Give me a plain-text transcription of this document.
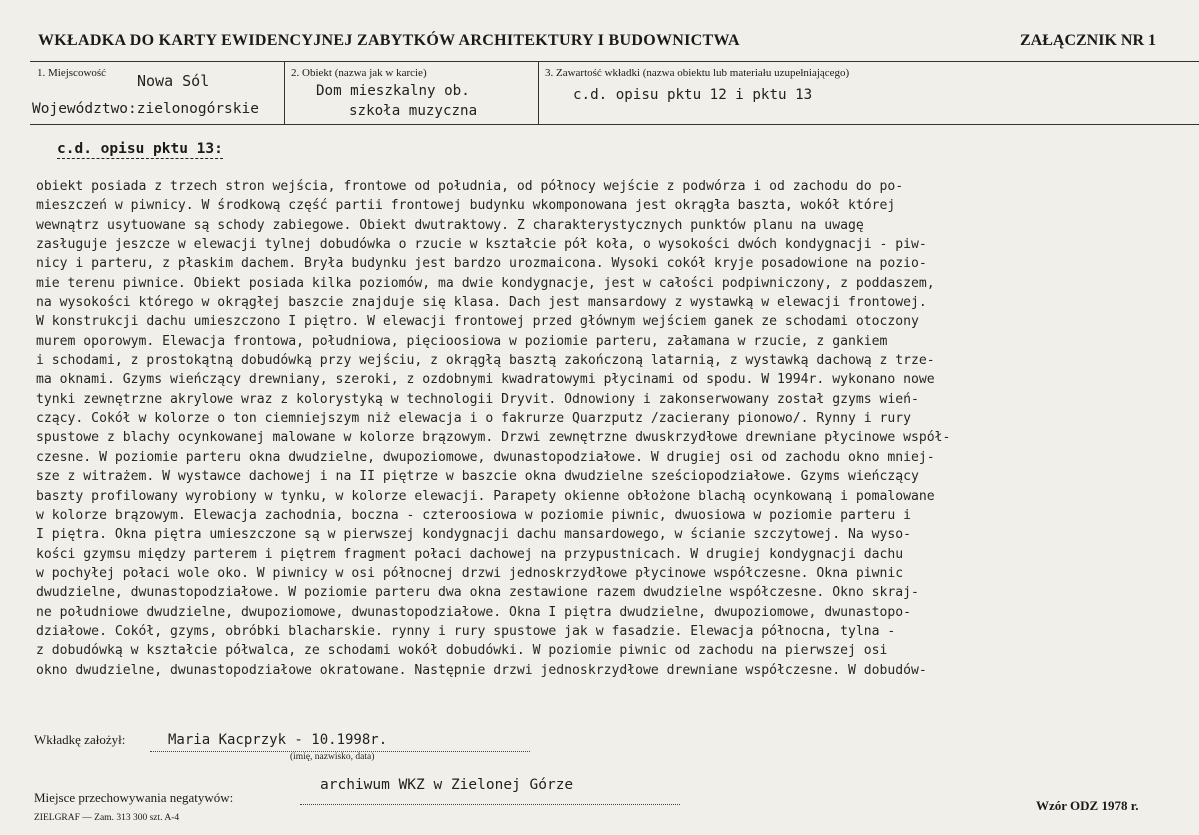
WKŁADKA DO KARTY EWIDENCYJNEJ ZABYTKÓW ARCHITEKTURY I BUDOWNICTWA	ZAŁĄCZNIK NR 1
1. Miejscowość Nowa Sól
Województwo:zielonogórskie
2. Obiekt (nazwa jak w karcie)
Dom mieszkalny ob.
szkoła muzyczna
3. Zawartość wkładki (nazwa obiektu lub materiału uzupełniającego)
c.d. opisu pktu 12 i pktu 13
c.d. opisu pktu 13:
obiekt posiada z trzech stron wejścia, frontowe od południa, od północy wejście z podwórza i od zachodu do po-
mieszczeń w piwnicy. W środkową część partii frontowej budynku wkomponowana jest okrągła baszta, wokół której
wewnątrz usytuowane są schody zabiegowe. Obiekt dwutraktowy. Z charakterystycznych punktów planu na uwagę
zasługuje jeszcze w elewacji tylnej dobudówka o rzucie w kształcie pół koła, o wysokości dwóch kondygnacji - piw-
nicy i parteru, z płaskim dachem. Bryła budynku jest bardzo urozmaicona. Wysoki cokół kryje posadowione na pozio-
mie terenu piwnice. Obiekt posiada kilka poziomów, ma dwie kondygnacje, jest w całości podpiwniczony, z poddaszem,
na wysokości którego w okrągłej baszcie znajduje się klasa. Dach jest mansardowy z wystawką w elewacji frontowej.
W konstrukcji dachu umieszczono I piętro. W elewacji frontowej przed głównym wejściem ganek ze schodami otoczony
murem oporowym. Elewacja frontowa, południowa, pięcioosiowa w poziomie parteru, załamana w rzucie, z gankiem
i schodami, z prostokątną dobudówką przy wejściu, z okrągłą basztą zakończoną latarnią, z wystawką dachową z trze-
ma oknami. Gzyms wieńczący drewniany, szeroki, z ozdobnymi kwadratowymi płycinami od spodu. W 1994r. wykonano nowe
tynki zewnętrzne akrylowe wraz z kolorystyką w technologii Dryvit. Odnowiony i zakonserwowany został gzyms wień-
czący. Cokół w kolorze o ton ciemniejszym niż elewacja i o fakrurze Quarzputz /zacierany pionowo/. Rynny i rury
spustowe z blachy ocynkowanej malowane w kolorze brązowym. Drzwi zewnętrzne dwuskrzydłowe drewniane płycinowe współ-
czesne. W poziomie parteru okna dwudzielne, dwupoziomowe, dwunastopodziałowe. W drugiej osi od zachodu okno mniej-
sze z witrażem. W wystawce dachowej i na II piętrze w baszcie okna dwudzielne sześciopodziałowe. Gzyms wieńczący
baszty profilowany wyrobiony w tynku, w kolorze elewacji. Parapety okienne obłożone blachą ocynkowaną i pomalowane
w kolorze brązowym. Elewacja zachodnia, boczna - czteroosiowa w poziomie piwnic, dwuosiowa w poziomie parteru i
I piętra. Okna piętra umieszczone są w pierwszej kondygnacji dachu mansardowego, w ścianie szczytowej. Na wyso-
kości gzymsu między parterem i piętrem fragment połaci dachowej na przypustnicach. W drugiej kondygnacji dachu
w pochyłej połaci wole oko. W piwnicy w osi północnej drzwi jednoskrzydłowe płycinowe współczesne. Okna piwnic
dwudzielne, dwunastopodziałowe. W poziomie parteru dwa okna zestawione razem dwudzielne współczesne. Okno skraj-
ne południowe dwudzielne, dwupoziomowe, dwunastopodziałowe. Okna I piętra dwudzielne, dwupoziomowe, dwunastopo-
działowe. Cokół, gzyms, obróbki blacharskie. rynny i rury spustowe jak w fasadzie. Elewacja północna, tylna -
z dobudówką w kształcie półwalca, ze schodami wokół dobudówki. W poziomie piwnic od zachodu na pierwszej osi
okno dwudzielne, dwunastopodziałowe okratowane. Następnie drzwi jednoskrzydłowe drewniane współczesne. W dobudów-
Wkładkę założył:	Maria Kacprzyk - 10.1998r.
(imię, nazwisko, data)
Miejsce przechowywania negatywów:
archiwum WKZ w Zielonej Górze
ZIELGRAF — Zam. 313 300 szt. A-4
Wzór ODZ 1978 r.
